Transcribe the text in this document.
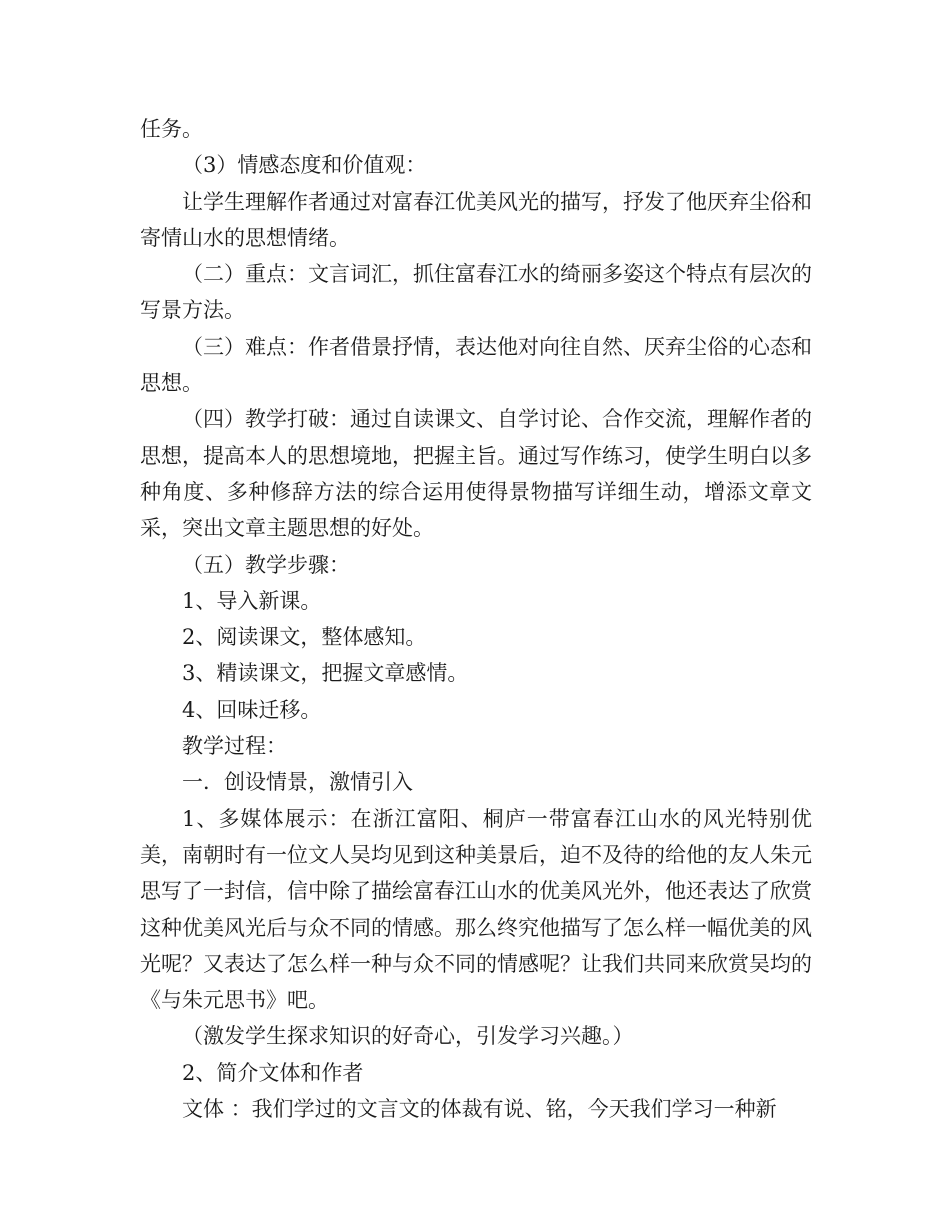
任务。

（3）情感态度和价值观：

让学生理解作者通过对富春江优美风光的描写，抒发了他厌弃尘俗和寄情山水的思想情绪。

（二）重点：文言词汇，抓住富春江水的绮丽多姿这个特点有层次的写景方法。

（三）难点：作者借景抒情，表达他对向往自然、厌弃尘俗的心态和思想。

（四）教学打破：通过自读课文、自学讨论、合作交流，理解作者的思想，提高本人的思想境地，把握主旨。通过写作练习，使学生明白以多种角度、多种修辞方法的综合运用使得景物描写详细生动，增添文章文采，突出文章主题思想的好处。

（五）教学步骤：

1、导入新课。

2、阅读课文，整体感知。

3、精读课文，把握文章感情。

4、回味迁移。

教学过程：

一．创设情景，激情引入

1、多媒体展示：在浙江富阳、桐庐一带富春江山水的风光特别优美，南朝时有一位文人吴均见到这种美景后，迫不及待的给他的友人朱元思写了一封信，信中除了描绘富春江山水的优美风光外，他还表达了欣赏这种优美风光后与众不同的情感。那么终究他描写了怎么样一幅优美的风光呢？又表达了怎么样一种与众不同的情感呢？让我们共同来欣赏吴均的《与朱元思书》吧。

（激发学生探求知识的好奇心，引发学习兴趣。）

2、简介文体和作者

文体 ：我们学过的文言文的体裁有说、铭，今天我们学习一种新
